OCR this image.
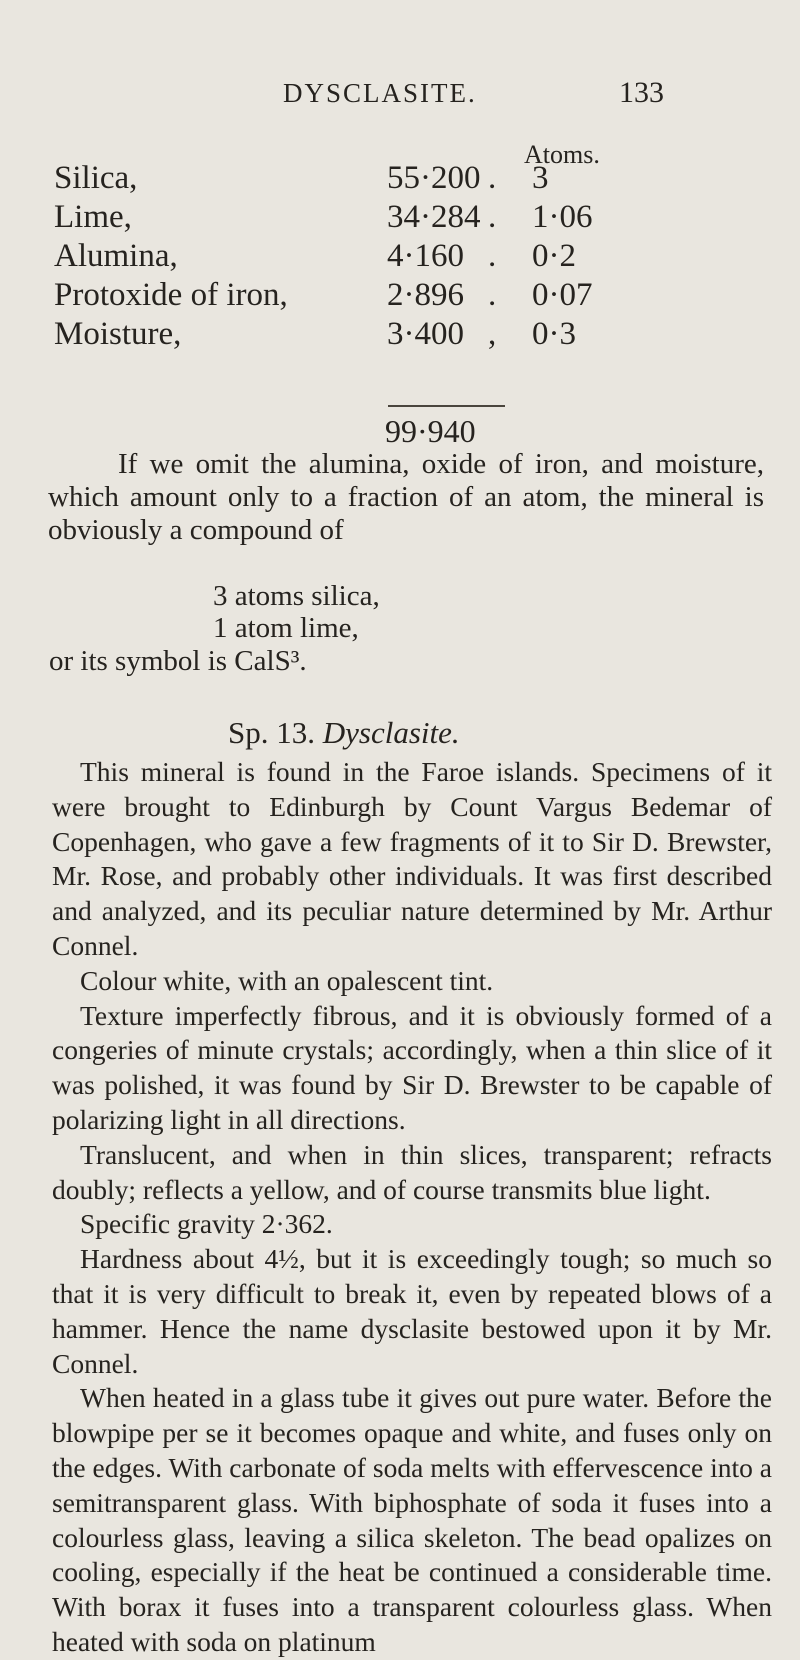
DYSCLASITE.	133
Atoms.
Silica,	55·200 . 3
Lime,	34·284 . 1·06
Alumina,	4·160 . 0·2
Protoxide of iron,	2·896 . 0·07
Moisture,	3·400 , 0·3
99·940
If we omit the alumina, oxide of iron, and moisture, which amount only to a fraction of an atom, the mineral is obviously a compound of
3 atoms silica,
1 atom lime,
or its symbol is CalS³.
Sp. 13. Dysclasite.

This mineral is found in the Faroe islands. Specimens of it were brought to Edinburgh by Count Vargus Bedemar of Copenhagen, who gave a few fragments of it to Sir D. Brewster, Mr. Rose, and probably other individuals. It was first described and analyzed, and its peculiar nature determined by Mr. Arthur Connel.

Colour white, with an opalescent tint.

Texture imperfectly fibrous, and it is obviously formed of a congeries of minute crystals; accordingly, when a thin slice of it was polished, it was found by Sir D. Brewster to be capable of polarizing light in all directions.

Translucent, and when in thin slices, transparent; refracts doubly; reflects a yellow, and of course transmits blue light.

Specific gravity 2·362.

Hardness about 4½, but it is exceedingly tough; so much so that it is very difficult to break it, even by repeated blows of a hammer. Hence the name dysclasite bestowed upon it by Mr. Connel.

When heated in a glass tube it gives out pure water. Before the blowpipe per se it becomes opaque and white, and fuses only on the edges. With carbonate of soda melts with effervescence into a semitransparent glass. With biphosphate of soda it fuses into a colourless glass, leaving a silica skeleton. The bead opalizes on cooling, especially if the heat be continued a considerable time. With borax it fuses into a transparent colourless glass. When heated with soda on platinum
